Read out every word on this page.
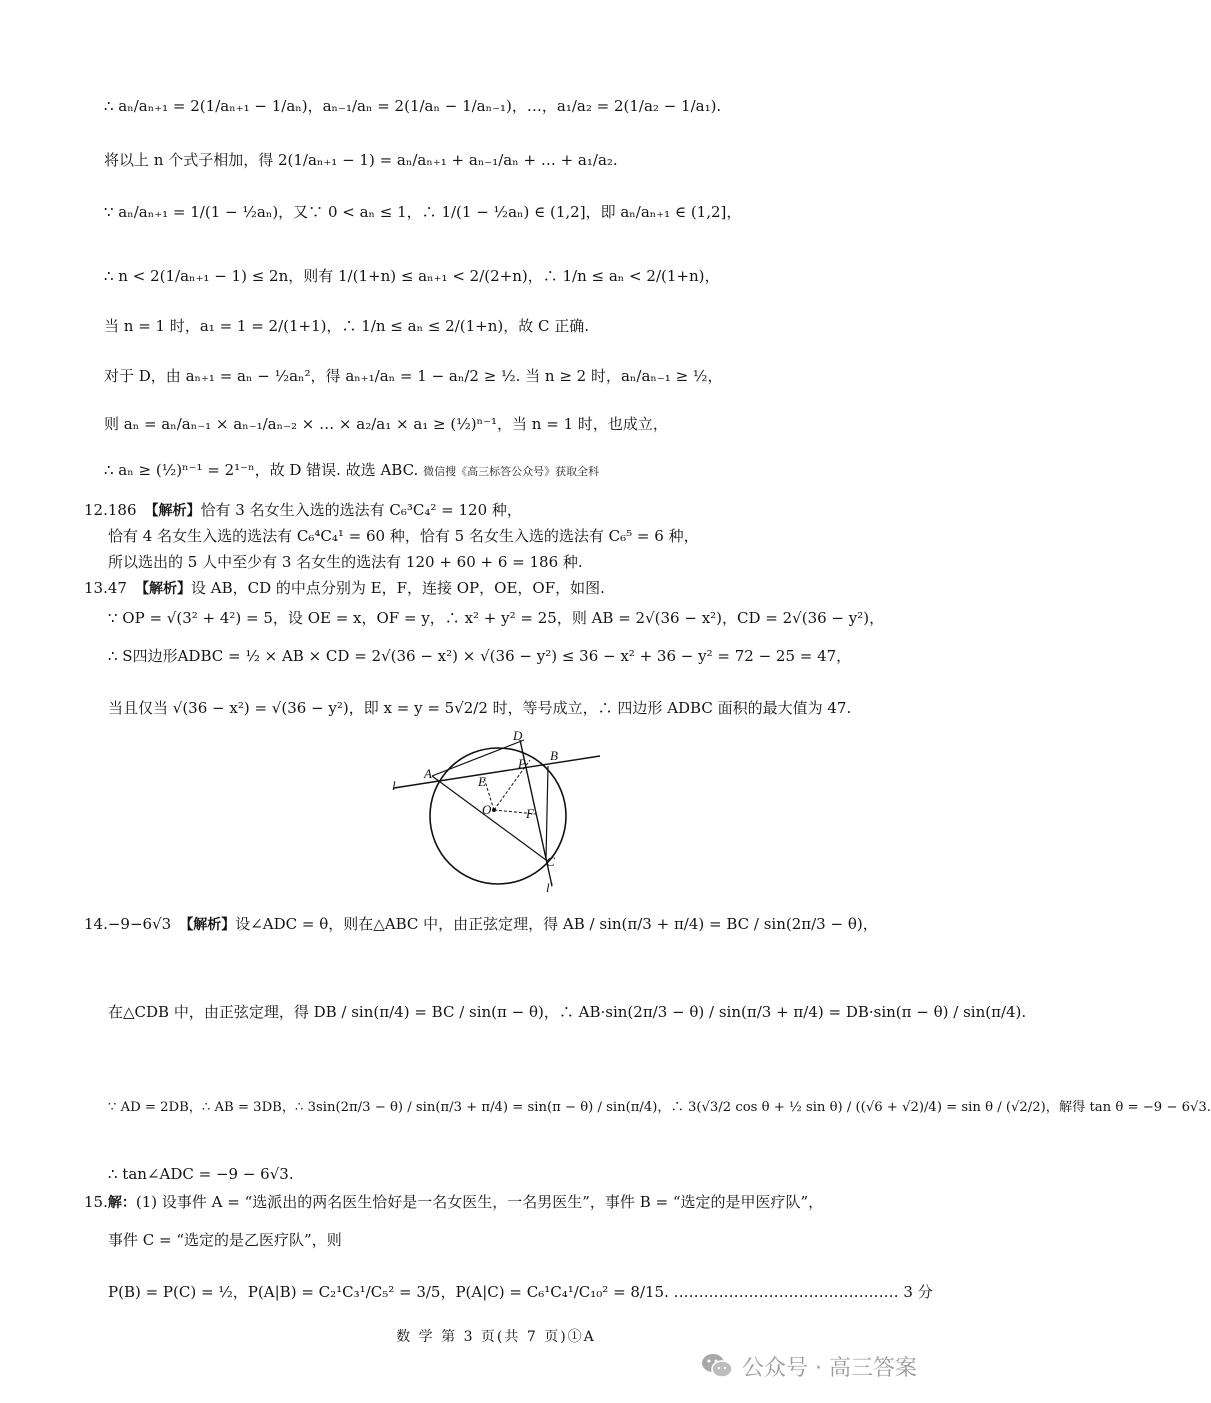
∴ aₙ/aₙ₊₁ = 2(1/aₙ₊₁ − 1/aₙ)，aₙ₋₁/aₙ = 2(1/aₙ − 1/aₙ₋₁)，…，a₁/a₂ = 2(1/a₂ − 1/a₁).
将以上 n 个式子相加，得 2(1/aₙ₊₁ − 1) = aₙ/aₙ₊₁ + aₙ₋₁/aₙ + … + a₁/a₂.
∵ aₙ/aₙ₊₁ = 1/(1 − ½aₙ)，又∵ 0 < aₙ ≤ 1，∴ 1/(1 − ½aₙ) ∈ (1,2]，即 aₙ/aₙ₊₁ ∈ (1,2]，
∴ n < 2(1/aₙ₊₁ − 1) ≤ 2n，则有 1/(1+n) ≤ aₙ₊₁ < 2/(2+n)，∴ 1/n ≤ aₙ < 2/(1+n)，
当 n = 1 时，a₁ = 1 = 2/(1+1)，∴ 1/n ≤ aₙ ≤ 2/(1+n)，故 C 正确.
对于 D，由 aₙ₊₁ = aₙ − ½aₙ²，得 aₙ₊₁/aₙ = 1 − aₙ/2 ≥ ½. 当 n ≥ 2 时，aₙ/aₙ₋₁ ≥ ½，
则 aₙ = aₙ/aₙ₋₁ × aₙ₋₁/aₙ₋₂ × … × a₂/a₁ × a₁ ≥ (½)ⁿ⁻¹，当 n = 1 时，也成立，
∴ aₙ ≥ (½)ⁿ⁻¹ = 2¹⁻ⁿ，故 D 错误. 故选 ABC. 微信搜《高三标答公众号》获取全科
12.186　 【解析】恰有 3 名女生入选的选法有 C₆³C₄² = 120 种，
恰有 4 名女生入选的选法有 C₆⁴C₄¹ = 60 种，恰有 5 名女生入选的选法有 C₆⁵ = 6 种，
所以选出的 5 人中至少有 3 名女生的选法有 120 + 60 + 6 = 186 种.
13.47　 【解析】设 AB，CD 的中点分别为 E，F，连接 OP，OE，OF，如图.
∵ OP = √(3² + 4²) = 5，设 OE = x，OF = y，∴ x² + y² = 25，则 AB = 2√(36 − x²)，CD = 2√(36 − y²)，
∴ S四边形ADBC = ½ × AB × CD = 2√(36 − x²) × √(36 − y²) ≤ 36 − x² + 36 − y² = 72 − 25 = 47，
当且仅当 √(36 − x²) = √(36 − y²)，即 x = y = 5√2/2 时，等号成立，∴ 四边形 ADBC 面积的最大值为 47.
D
B
P
A
E
O	F
C
l
l′
14.−9−6√3　 【解析】设∠ADC = θ，则在△ABC 中，由正弦定理，得 AB / sin(π/3 + π/4) = BC / sin(2π/3 − θ)，
在△CDB 中，由正弦定理，得 DB / sin(π/4) = BC / sin(π − θ)，∴ AB·sin(2π/3 − θ) / sin(π/3 + π/4) = DB·sin(π − θ) / sin(π/4).
∵ AD = 2DB，∴ AB = 3DB，∴ 3sin(2π/3 − θ) / sin(π/3 + π/4) = sin(π − θ) / sin(π/4)，∴ 3(√3/2 cos θ + ½ sin θ) / ((√6 + √2)/4) = sin θ / (√2/2)，解得 tan θ = −9 − 6√3.
∴ tan∠ADC = −9 − 6√3.
15.解：(1) 设事件 A = “选派出的两名医生恰好是一名女医生，一名男医生”，事件 B = “选定的是甲医疗队”，
事件 C = “选定的是乙医疗队”，则
P(B) = P(C) = ½，P(A|B) = C₂¹C₃¹/C₅² = 3/5，P(A|C) = C₆¹C₄¹/C₁₀² = 8/15. ……………………………………… 3 分
数 学 第 3 页(共 7 页)①A
公众号 · 高三答案
